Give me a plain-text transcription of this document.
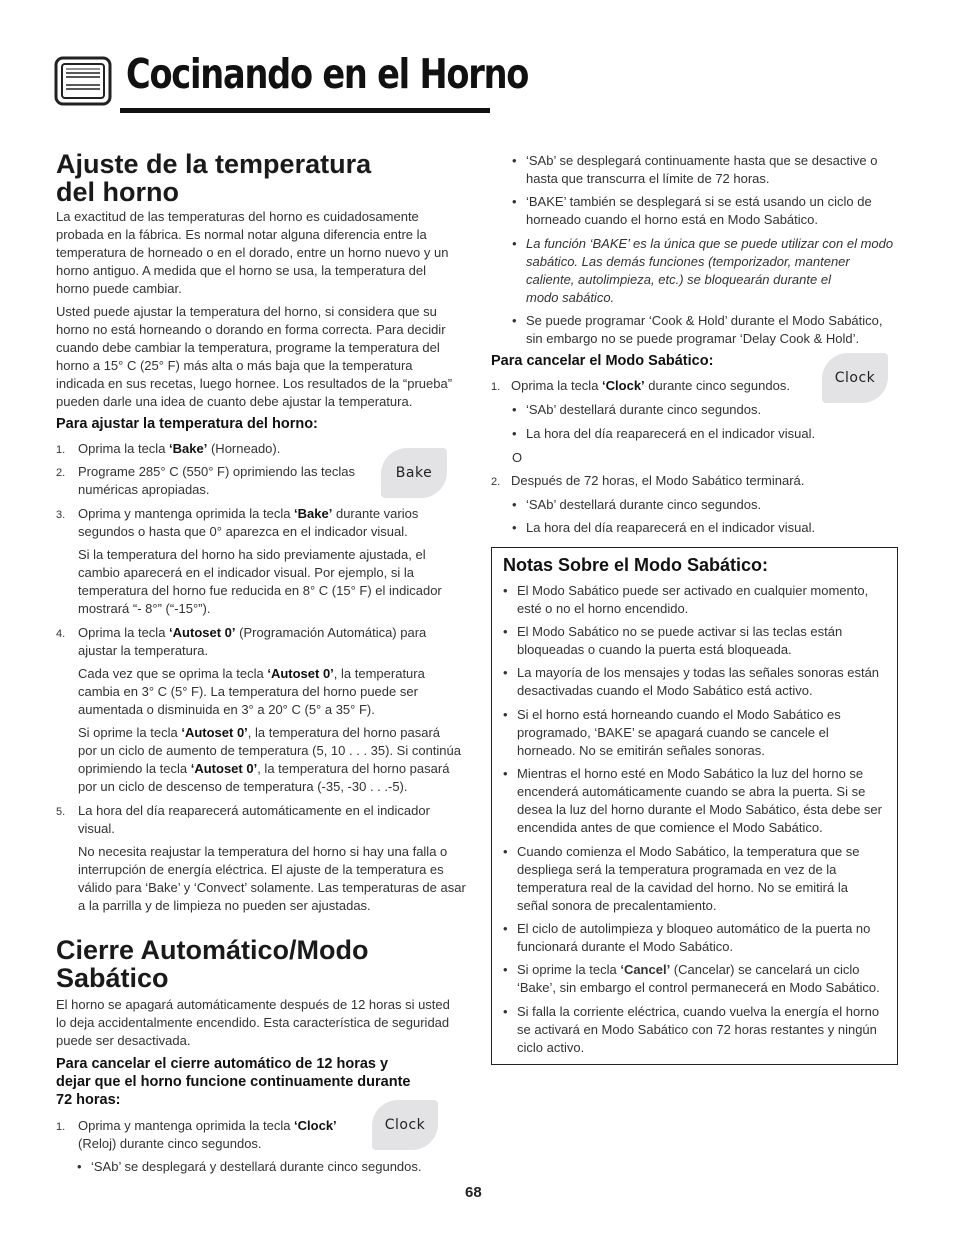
Cocinando en el Horno
Ajuste de la temperatura
del horno
La exactitud de las temperaturas del horno es cuidadosamente
probada en la fábrica. Es normal notar alguna diferencia entre la
temperatura de horneado o en el dorado, entre un horno nuevo y un
horno antiguo. A medida que el horno se usa, la temperatura del
horno puede cambiar.
Usted puede ajustar la temperatura del horno, si considera que su
horno no está horneando o dorando en forma correcta. Para decidir
cuando debe cambiar la temperatura, programe la temperatura del
horno a 15° C (25° F) más alta o más baja que la temperatura
indicada en sus recetas, luego hornee. Los resultados de la “prueba”
pueden darle una idea de cuanto debe ajustar la temperatura.
Para ajustar la temperatura del horno:
1. Oprima la tecla ‘Bake’ (Horneado).
2. Programe 285° C (550° F) oprimiendo las teclas
numéricas apropiadas.
Bake
3. Oprima y mantenga oprimida la tecla ‘Bake’ durante varios
segundos o hasta que 0° aparezca en el indicador visual.
Si la temperatura del horno ha sido previamente ajustada, el
cambio aparecerá en el indicador visual. Por ejemplo, si la
temperatura del horno fue reducida en 8° C (15° F) el indicador
mostrará “- 8°” (“-15°”).
4. Oprima la tecla ‘Autoset 0’ (Programación Automática) para
ajustar la temperatura.
Cada vez que se oprima la tecla ‘Autoset 0’, la temperatura
cambia en 3° C (5° F). La temperatura del horno puede ser
aumentada o disminuida en 3° a 20° C (5° a 35° F).
Si oprime la tecla ‘Autoset 0’, la temperatura del horno pasará
por un ciclo de aumento de temperatura (5, 10 . . . 35). Si continúa
oprimiendo la tecla ‘Autoset 0’, la temperatura del horno pasará
por un ciclo de descenso de temperatura (-35, -30 . . .-5).
5. La hora del día reaparecerá automáticamente en el indicador
visual.
No necesita reajustar la temperatura del horno si hay una falla o
interrupción de energía eléctrica. El ajuste de la temperatura es
válido para ‘Bake’ y ‘Convect’ solamente. Las temperaturas de asar
a la parrilla y de limpieza no pueden ser ajustadas.
Cierre Automático/Modo
Sabático
El horno se apagará automáticamente después de 12 horas si usted
lo deja accidentalmente encendido. Esta característica de seguridad
puede ser desactivada.
Para cancelar el cierre automático de 12 horas y
dejar que el horno funcione continuamente durante
72 horas:
1. Oprima y mantenga oprimida la tecla ‘Clock’
(Reloj) durante cinco segundos.
Clock
• ‘SAb’ se desplegará y destellará durante cinco segundos.
• ‘SAb’ se desplegará continuamente hasta que se desactive o
hasta que transcurra el límite de 72 horas.
• ‘BAKE’ también se desplegará si se está usando un ciclo de
horneado cuando el horno está en Modo Sabático.
• La función ‘BAKE’ es la única que se puede utilizar con el modo
sabático. Las demás funciones (temporizador, mantener
caliente, autolimpieza, etc.) se bloquearán durante el
modo sabático.
• Se puede programar ‘Cook & Hold’ durante el Modo Sabático,
sin embargo no se puede programar ‘Delay Cook & Hold’.
Para cancelar el Modo Sabático:
1. Oprima la tecla ‘Clock’ durante cinco segundos.	Clock
• ‘SAb’ destellará durante cinco segundos.
• La hora del día reaparecerá en el indicador visual.
O
2. Después de 72 horas, el Modo Sabático terminará.
• ‘SAb’ destellará durante cinco segundos.
• La hora del día reaparecerá en el indicador visual.
Notas Sobre el Modo Sabático:
• El Modo Sabático puede ser activado en cualquier momento,
esté o no el horno encendido.
• El Modo Sabático no se puede activar si las teclas están
bloqueadas o cuando la puerta está bloqueada.
• La mayoría de los mensajes y todas las señales sonoras están
desactivadas cuando el Modo Sabático está activo.
• Si el horno está horneando cuando el Modo Sabático es
programado, ‘BAKE’ se apagará cuando se cancele el
horneado. No se emitirán señales sonoras.
• Mientras el horno esté en Modo Sabático la luz del horno se
encenderá automáticamente cuando se abra la puerta. Si se
desea la luz del horno durante el Modo Sabático, ésta debe ser
encendida antes de que comience el Modo Sabático.
• Cuando comienza el Modo Sabático, la temperatura que se
despliega será la temperatura programada en vez de la
temperatura real de la cavidad del horno. No se emitirá la
señal sonora de precalentamiento.
• El ciclo de autolimpieza y bloqueo automático de la puerta no
funcionará durante el Modo Sabático.
• Si oprime la tecla ‘Cancel’ (Cancelar) se cancelará un ciclo
‘Bake’, sin embargo el control permanecerá en Modo Sabático.
• Si falla la corriente eléctrica, cuando vuelva la energía el horno
se activará en Modo Sabático con 72 horas restantes y ningún
ciclo activo.
68
